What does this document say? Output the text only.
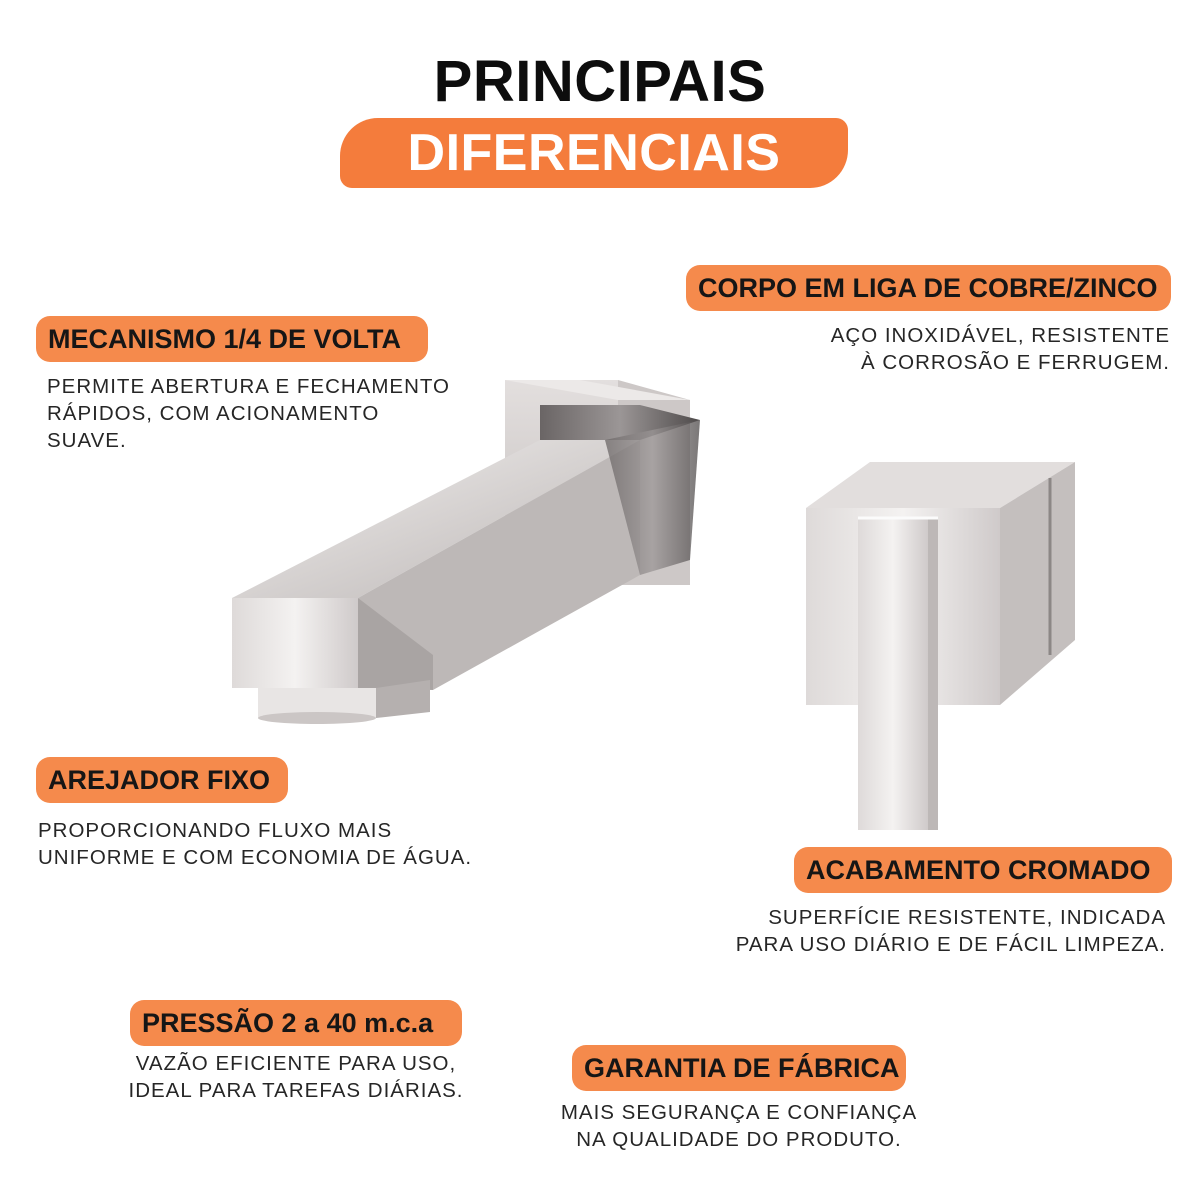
PRINCIPAIS
DIFERENCIAIS
MECANISMO 1/4 DE VOLTA
PERMITE ABERTURA E FECHAMENTO
RÁPIDOS, COM ACIONAMENTO
SUAVE.
CORPO EM LIGA DE COBRE/ZINCO
AÇO INOXIDÁVEL, RESISTENTE
À CORROSÃO E FERRUGEM.
AREJADOR FIXO
PROPORCIONANDO FLUXO MAIS
UNIFORME E COM ECONOMIA DE ÁGUA.	ACABAMENTO CROMADO
SUPERFÍCIE RESISTENTE, INDICADA
PARA USO DIÁRIO E DE FÁCIL LIMPEZA.
PRESSÃO 2 a 40 m.c.a
VAZÃO EFICIENTE PARA USO,
IDEAL PARA TAREFAS DIÁRIAS.
GARANTIA DE FÁBRICA
MAIS SEGURANÇA E CONFIANÇA
NA QUALIDADE DO PRODUTO.
